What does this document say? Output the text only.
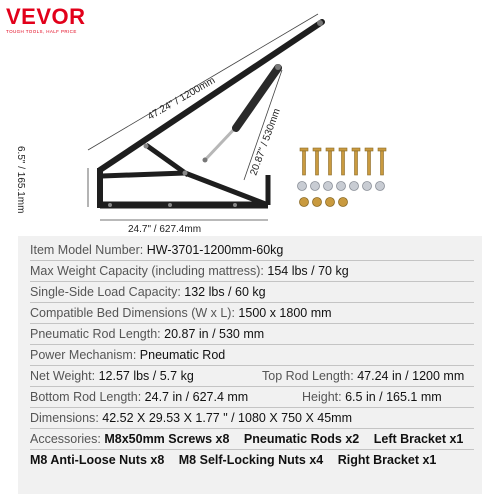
VEVOR
TOUGH TOOLS, HALF PRICE
47.24" / 1200mm
20.87" / 530mm
6.5" / 165.1mm
24.7" / 627.4mm
Item Model Number: HW-3701-1200mm-60kg
Max Weight Capacity (including mattress): 154 lbs / 70 kg
Single-Side Load Capacity: 132 lbs / 60 kg
Compatible Bed Dimensions (W x L): 1500 x 1800 mm
Pneumatic Rod Length: 20.87 in / 530 mm
Power Mechanism: Pneumatic Rod
Net Weight: 12.57 lbs / 5.7 kg	Top Rod Length: 47.24 in / 1200 mm
Bottom Rod Length: 24.7 in / 627.4 mm	Height: 6.5 in / 165.1 mm
Dimensions: 42.52 X 29.53 X 1.77 " / 1080 X 750 X 45mm
Accessories: M8x50mm Screws x8 Pneumatic Rods x2 Left Bracket x1
M8 Anti-Loose Nuts x8 M8 Self-Locking Nuts x4 Right Bracket x1
